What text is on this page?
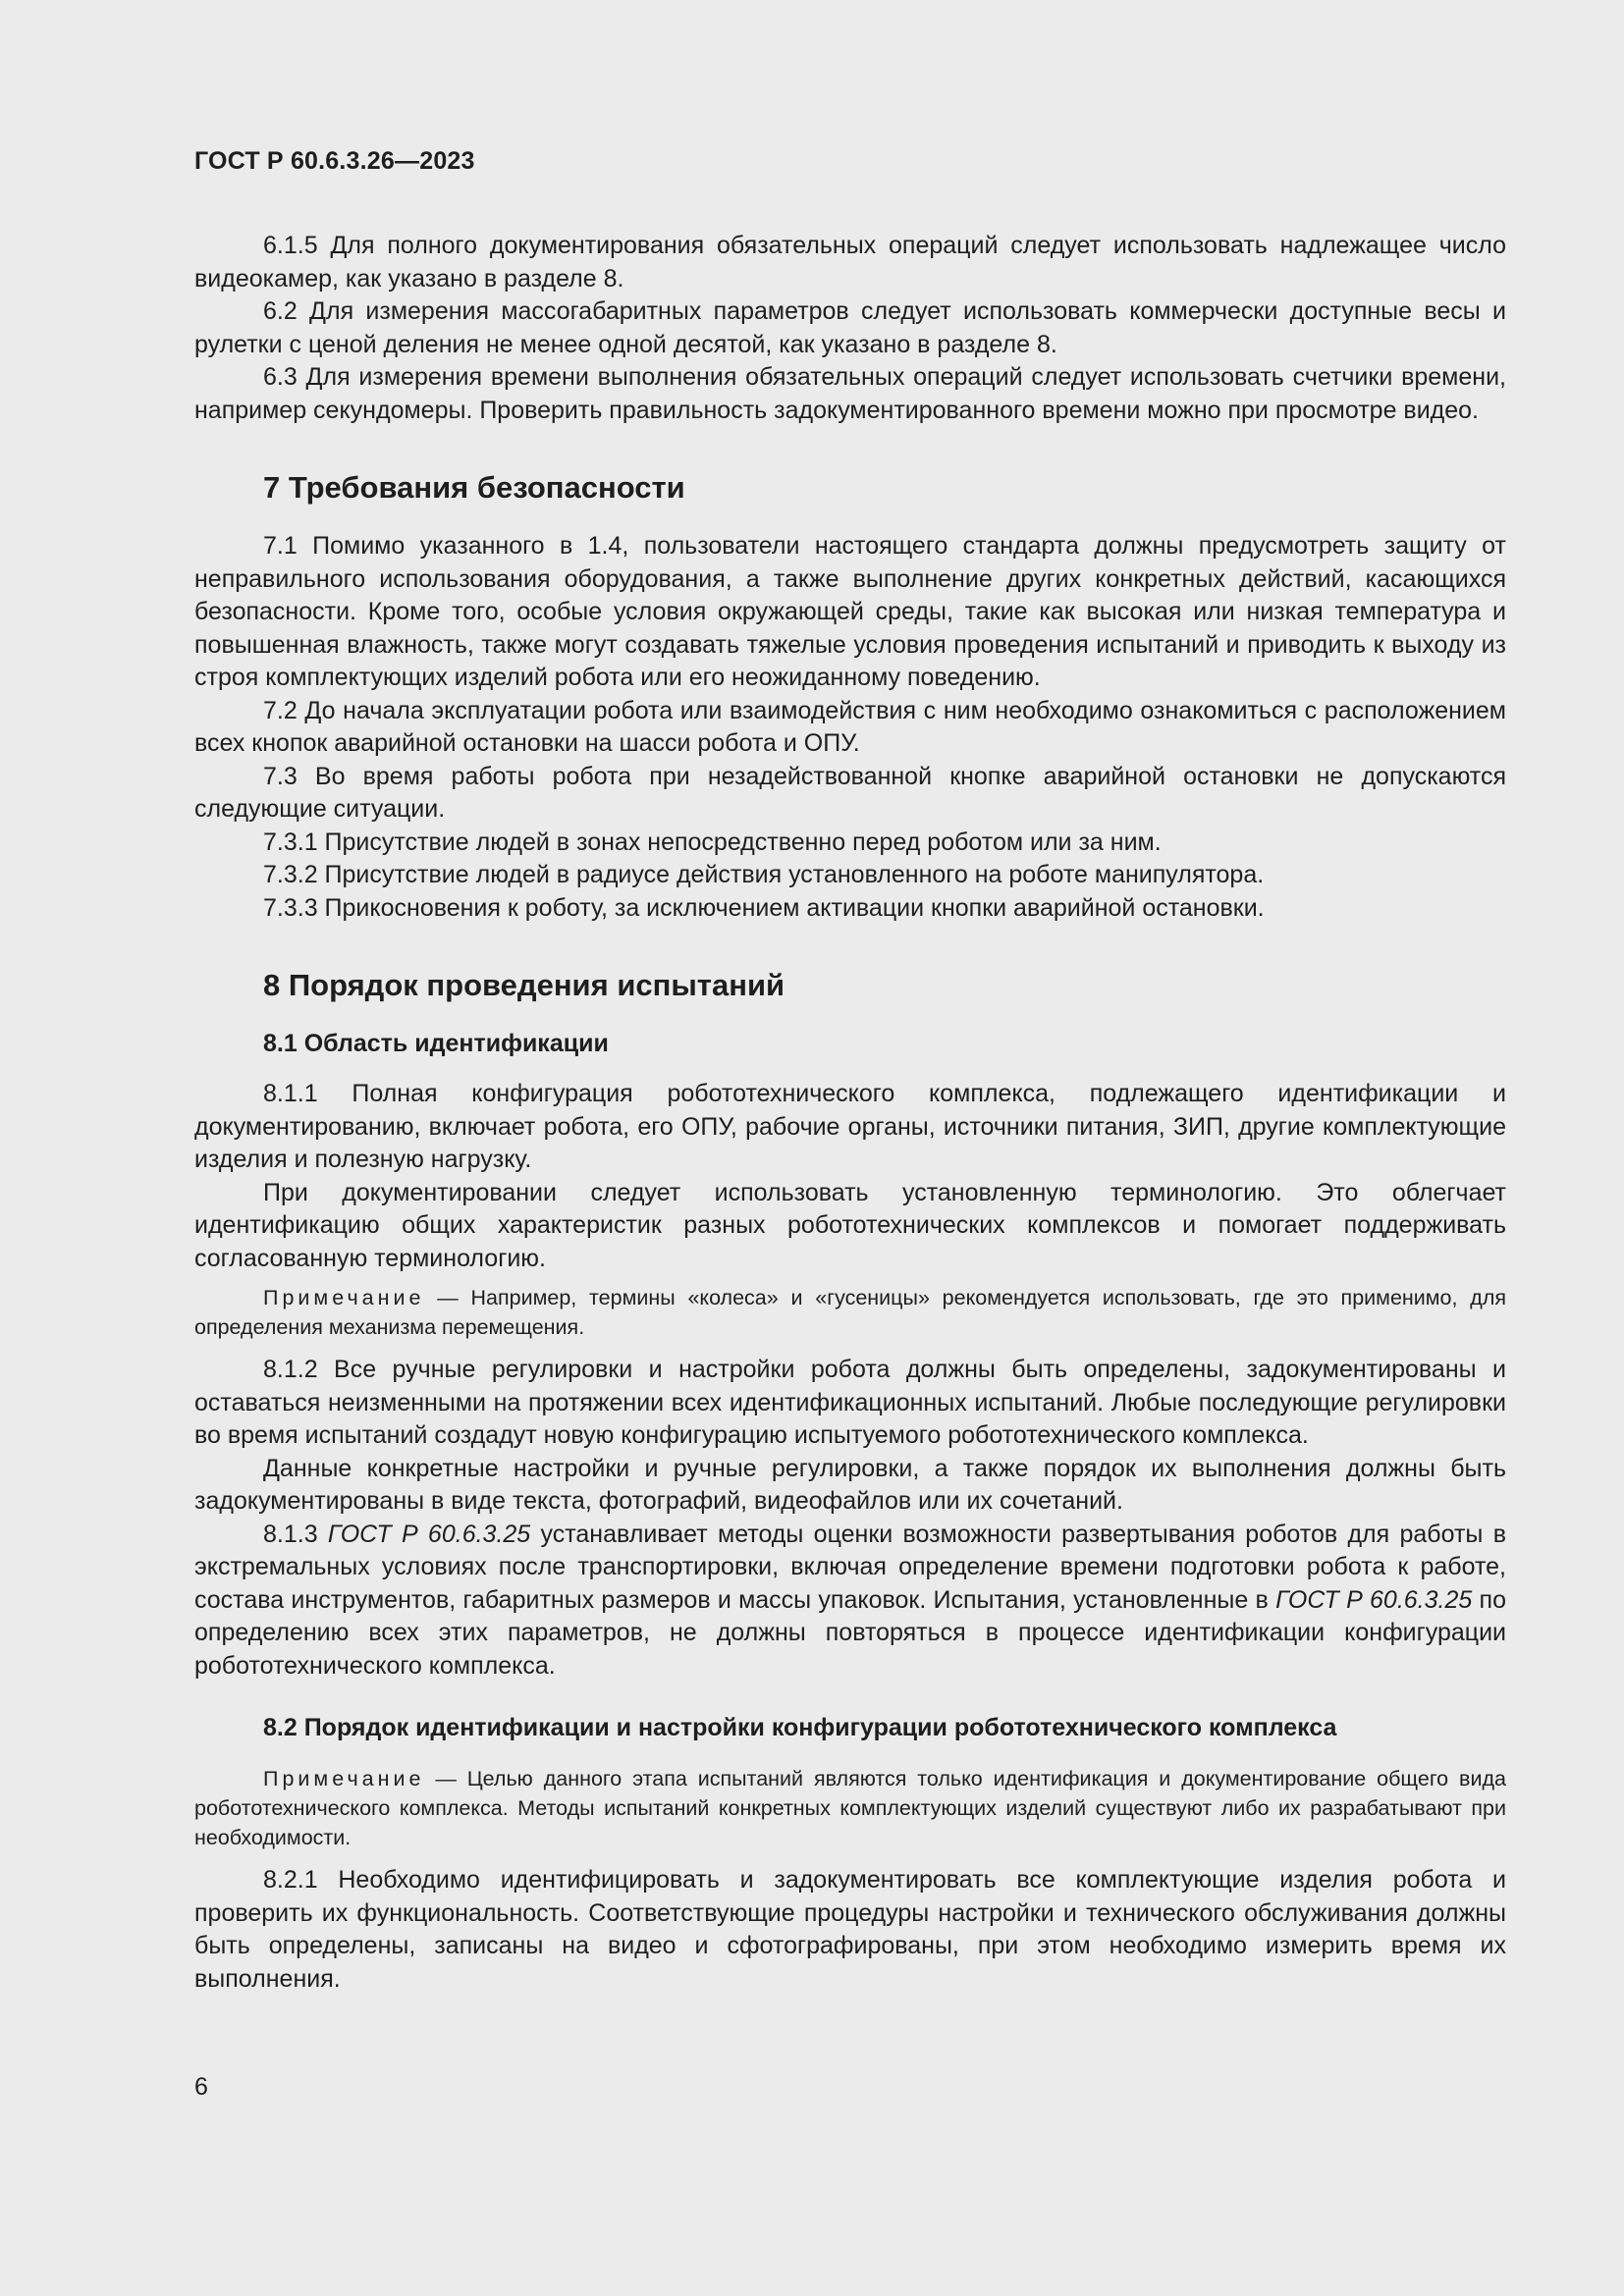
ГОСТ Р 60.6.3.26—2023

6.1.5 Для полного документирования обязательных операций следует использовать надлежащее число видеокамер, как указано в разделе 8.

6.2 Для измерения массогабаритных параметров следует использовать коммерчески доступные весы и рулетки с ценой деления не менее одной десятой, как указано в разделе 8.

6.3 Для измерения времени выполнения обязательных операций следует использовать счетчики времени, например секундомеры. Проверить правильность задокументированного времени можно при просмотре видео.

7 Требования безопасности

7.1 Помимо указанного в 1.4, пользователи настоящего стандарта должны предусмотреть защиту от неправильного использования оборудования, а также выполнение других конкретных действий, касающихся безопасности. Кроме того, особые условия окружающей среды, такие как высокая или низкая температура и повышенная влажность, также могут создавать тяжелые условия проведения испытаний и приводить к выходу из строя комплектующих изделий робота или его неожиданному поведению.

7.2 До начала эксплуатации робота или взаимодействия с ним необходимо ознакомиться с расположением всех кнопок аварийной остановки на шасси робота и ОПУ.

7.3 Во время работы робота при незадействованной кнопке аварийной остановки не допускаются следующие ситуации.

7.3.1 Присутствие людей в зонах непосредственно перед роботом или за ним.

7.3.2 Присутствие людей в радиусе действия установленного на роботе манипулятора.

7.3.3 Прикосновения к роботу, за исключением активации кнопки аварийной остановки.

8 Порядок проведения испытаний
8.1 Область идентификации

8.1.1 Полная конфигурация робототехнического комплекса, подлежащего идентификации и документированию, включает робота, его ОПУ, рабочие органы, источники питания, ЗИП, другие комплектующие изделия и полезную нагрузку.

При документировании следует использовать установленную терминологию. Это облегчает идентификацию общих характеристик разных робототехнических комплексов и помогает поддерживать согласованную терминологию.

Примечание — Например, термины «колеса» и «гусеницы» рекомендуется использовать, где это применимо, для определения механизма перемещения.

8.1.2 Все ручные регулировки и настройки робота должны быть определены, задокументированы и оставаться неизменными на протяжении всех идентификационных испытаний. Любые последующие регулировки во время испытаний создадут новую конфигурацию испытуемого робототехнического комплекса.

Данные конкретные настройки и ручные регулировки, а также порядок их выполнения должны быть задокументированы в виде текста, фотографий, видеофайлов или их сочетаний.

8.1.3 ГОСТ Р 60.6.3.25 устанавливает методы оценки возможности развертывания роботов для работы в экстремальных условиях после транспортировки, включая определение времени подготовки робота к работе, состава инструментов, габаритных размеров и массы упаковок. Испытания, установленные в ГОСТ Р 60.6.3.25 по определению всех этих параметров, не должны повторяться в процессе идентификации конфигурации робототехнического комплекса.

8.2 Порядок идентификации и настройки конфигурации робототехнического комплекса

Примечание — Целью данного этапа испытаний являются только идентификация и документирование общего вида робототехнического комплекса. Методы испытаний конкретных комплектующих изделий существуют либо их разрабатывают при необходимости.

8.2.1 Необходимо идентифицировать и задокументировать все комплектующие изделия робота и проверить их функциональность. Соответствующие процедуры настройки и технического обслуживания должны быть определены, записаны на видео и сфотографированы, при этом необходимо измерить время их выполнения.

6
